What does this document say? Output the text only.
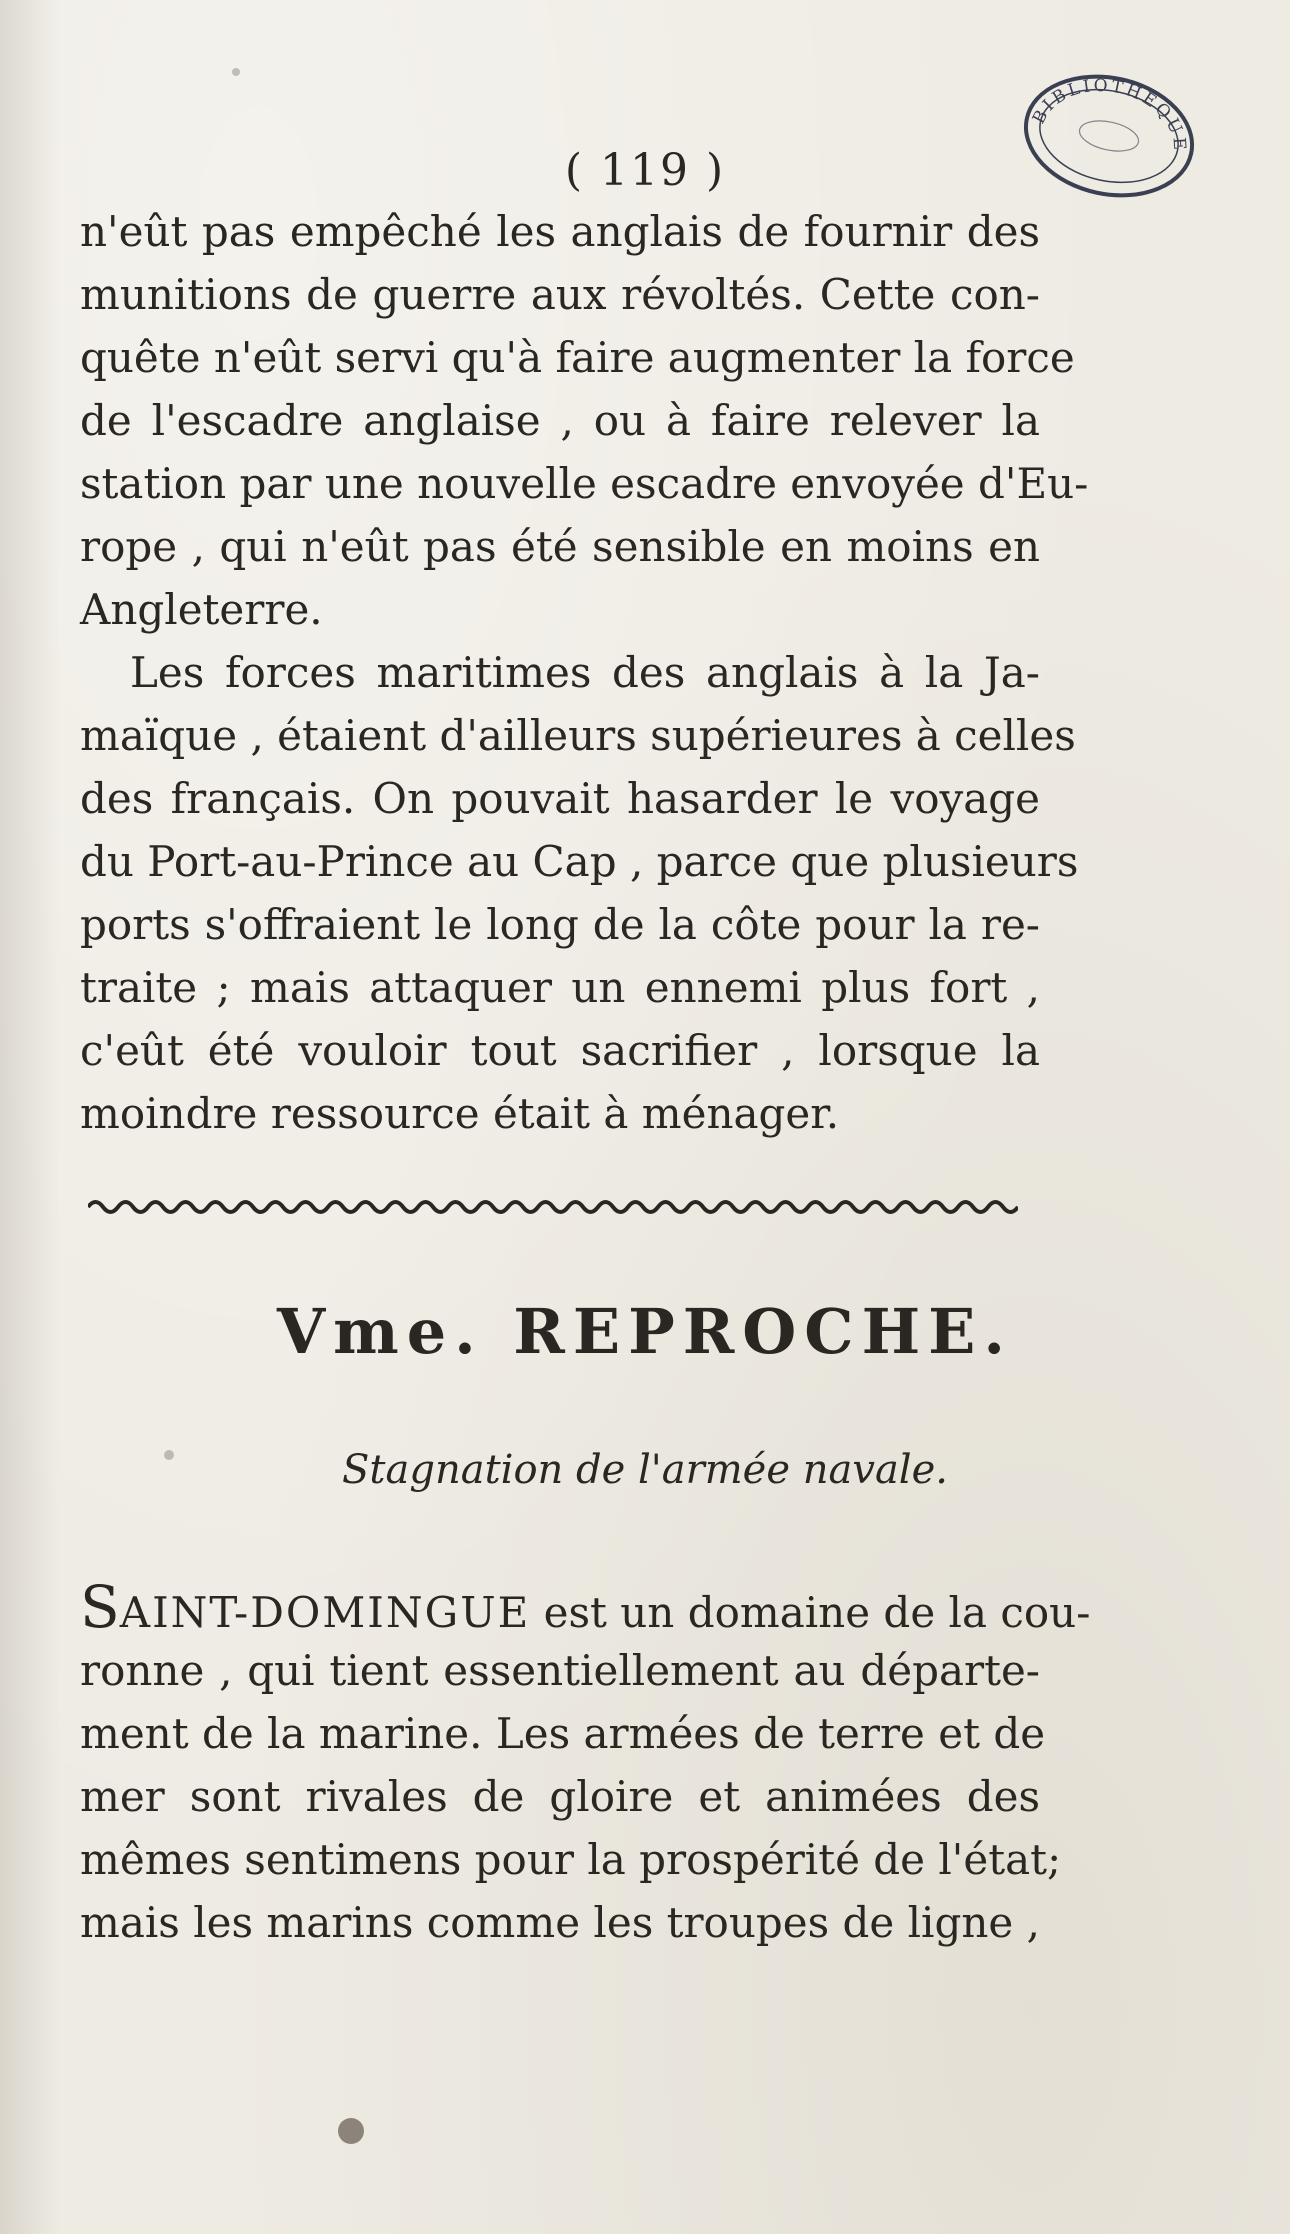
BIBLIOTHÈQUE
( 119 )
n'eût pas empêché les anglais de fournir des
munitions de guerre aux révoltés. Cette con-
quête n'eût servi qu'à faire augmenter la force
de l'escadre anglaise , ou à faire relever la
station par une nouvelle escadre envoyée d'Eu-
rope , qui n'eût pas été sensible en moins en
Angleterre.
Les forces maritimes des anglais à la Ja-
maïque , étaient d'ailleurs supérieures à celles
des français. On pouvait hasarder le voyage
du Port-au-Prince au Cap , parce que plusieurs
ports s'offraient le long de la côte pour la re-
traite ; mais attaquer un ennemi plus fort ,
c'eût été vouloir tout sacrifier , lorsque la
moindre ressource était à ménager.
Vme. REPROCHE.
Stagnation de l'armée navale.
SAINT-DOMINGUE est un domaine de la cou-
ronne , qui tient essentiellement au départe-
ment de la marine. Les armées de terre et de
mer sont rivales de gloire et animées des
mêmes sentimens pour la prospérité de l'état;
mais les marins comme les troupes de ligne ,
